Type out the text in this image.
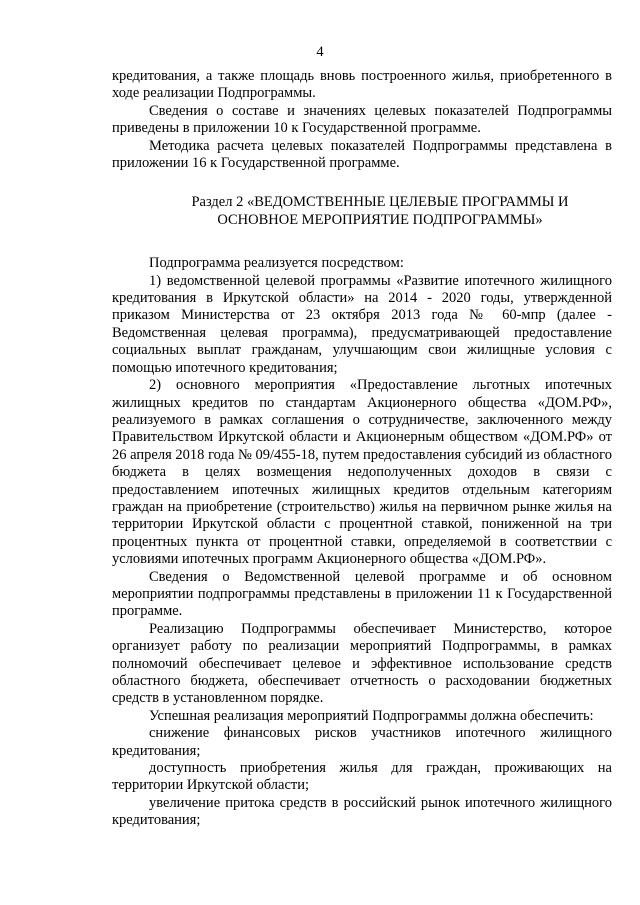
4

кредитования, а также площадь вновь построенного жилья, приобретенного в ходе реализации Подпрограммы.

Сведения о составе и значениях целевых показателей Подпрограммы приведены в приложении 10 к Государственной программе.

Методика расчета целевых показателей Подпрограммы представлена в приложении 16 к Государственной программе.

Раздел 2 «ВЕДОМСТВЕННЫЕ ЦЕЛЕВЫЕ ПРОГРАММЫ И
ОСНОВНОЕ МЕРОПРИЯТИЕ ПОДПРОГРАММЫ»

Подпрограмма реализуется посредством:

1) ведомственной целевой программы «Развитие ипотечного жилищного кредитования в Иркутской области» на 2014 - 2020 годы, утвержденной приказом Министерства от 23 октября 2013 года № 60-мпр (далее - Ведомственная целевая программа), предусматривающей предоставление социальных выплат гражданам, улучшающим свои жилищные условия с помощью ипотечного кредитования;

2) основного мероприятия «Предоставление льготных ипотечных жилищных кредитов по стандартам Акционерного общества «ДОМ.РФ», реализуемого в рамках соглашения о сотрудничестве, заключенного между Правительством Иркутской области и Акционерным обществом «ДОМ.РФ» от 26 апреля 2018 года № 09/455-18, путем предоставления субсидий из областного бюджета в целях возмещения недополученных доходов в связи с предоставлением ипотечных жилищных кредитов отдельным категориям граждан на приобретение (строительство) жилья на первичном рынке жилья на территории Иркутской области с процентной ставкой, пониженной на три процентных пункта от процентной ставки, определяемой в соответствии с условиями ипотечных программ Акционерного общества «ДОМ.РФ».

Сведения о Ведомственной целевой программе и об основном мероприятии подпрограммы представлены в приложении 11 к Государственной программе.

Реализацию Подпрограммы обеспечивает Министерство, которое организует работу по реализации мероприятий Подпрограммы, в рамках полномочий обеспечивает целевое и эффективное использование средств областного бюджета, обеспечивает отчетность о расходовании бюджетных средств в установленном порядке.

Успешная реализация мероприятий Подпрограммы должна обеспечить:

снижение финансовых рисков участников ипотечного жилищного кредитования;

доступность приобретения жилья для граждан, проживающих на территории Иркутской области;

увеличение притока средств в российский рынок ипотечного жилищного кредитования;
